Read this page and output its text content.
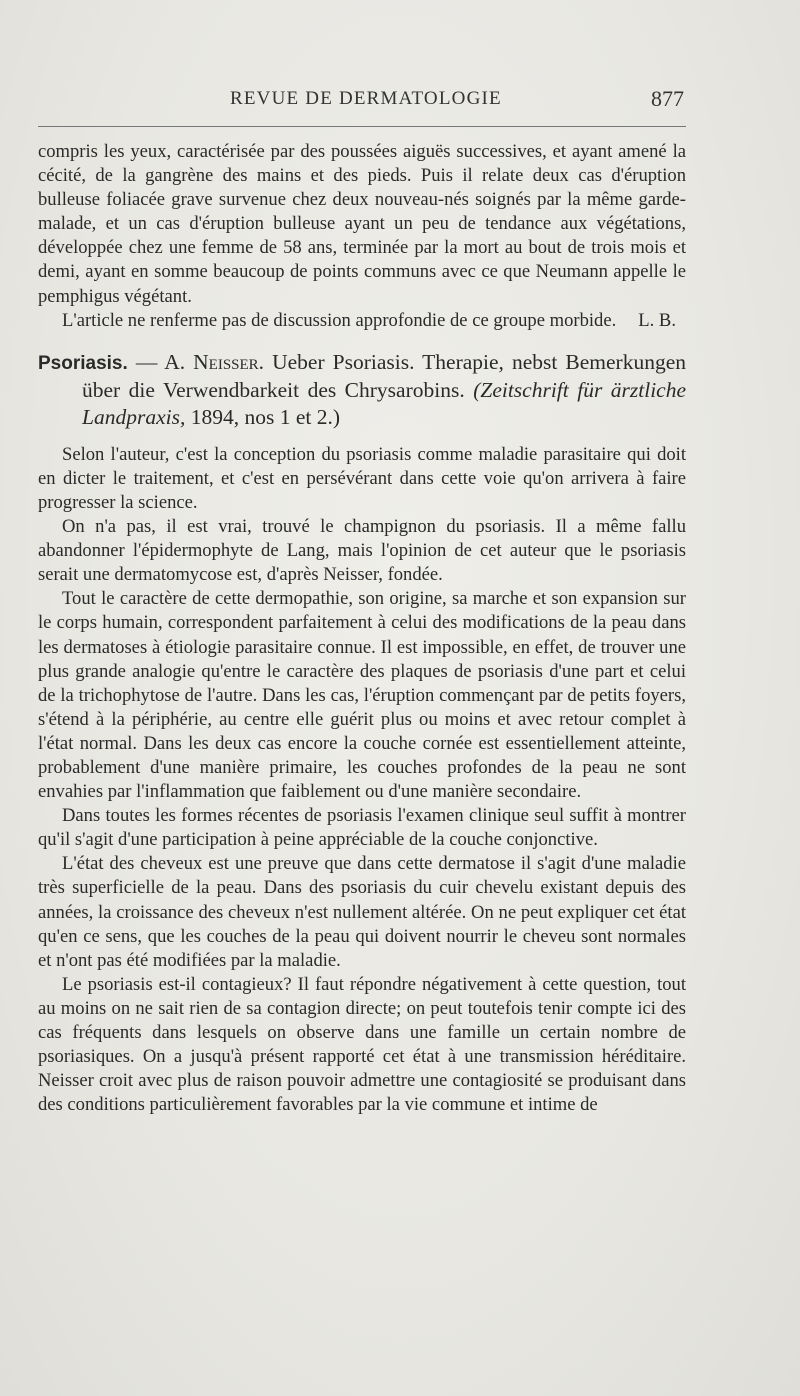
REVUE DE DERMATOLOGIE	877

compris les yeux, caractérisée par des poussées aiguës successives, et ayant amené la cécité, de la gangrène des mains et des pieds. Puis il relate deux cas d'éruption bulleuse foliacée grave survenue chez deux nouveau-nés soignés par la même garde-malade, et un cas d'éruption bulleuse ayant un peu de tendance aux végétations, développée chez une femme de 58 ans, terminée par la mort au bout de trois mois et demi, ayant en somme beaucoup de points communs avec ce que Neumann appelle le pemphigus végétant.

L'article ne renferme pas de discussion approfondie de ce groupe morbide.	L. B.
Psoriasis. — A. Neisser. Ueber Psoriasis. Therapie, nebst Bemerkungen über die Verwendbarkeit des Chrysarobins. (Zeitschrift für ärztliche Landpraxis, 1894, nos 1 et 2.)

Selon l'auteur, c'est la conception du psoriasis comme maladie parasitaire qui doit en dicter le traitement, et c'est en persévérant dans cette voie qu'on arrivera à faire progresser la science.

On n'a pas, il est vrai, trouvé le champignon du psoriasis. Il a même fallu abandonner l'épidermophyte de Lang, mais l'opinion de cet auteur que le psoriasis serait une dermatomycose est, d'après Neisser, fondée.

Tout le caractère de cette dermopathie, son origine, sa marche et son expansion sur le corps humain, correspondent parfaitement à celui des modifications de la peau dans les dermatoses à étiologie parasitaire connue. Il est impossible, en effet, de trouver une plus grande analogie qu'entre le caractère des plaques de psoriasis d'une part et celui de la trichophytose de l'autre. Dans les cas, l'éruption commençant par de petits foyers, s'étend à la périphérie, au centre elle guérit plus ou moins et avec retour complet à l'état normal. Dans les deux cas encore la couche cornée est essentiellement atteinte, probablement d'une manière primaire, les couches profondes de la peau ne sont envahies par l'inflammation que faiblement ou d'une manière secondaire.

Dans toutes les formes récentes de psoriasis l'examen clinique seul suffit à montrer qu'il s'agit d'une participation à peine appréciable de la couche conjonctive.

L'état des cheveux est une preuve que dans cette dermatose il s'agit d'une maladie très superficielle de la peau. Dans des psoriasis du cuir chevelu existant depuis des années, la croissance des cheveux n'est nullement altérée. On ne peut expliquer cet état qu'en ce sens, que les couches de la peau qui doivent nourrir le cheveu sont normales et n'ont pas été modifiées par la maladie.

Le psoriasis est-il contagieux? Il faut répondre négativement à cette question, tout au moins on ne sait rien de sa contagion directe; on peut toutefois tenir compte ici des cas fréquents dans lesquels on observe dans une famille un certain nombre de psoriasiques. On a jusqu'à présent rapporté cet état à une transmission héréditaire. Neisser croit avec plus de raison pouvoir admettre une contagiosité se produisant dans des conditions particulièrement favorables par la vie commune et intime de
